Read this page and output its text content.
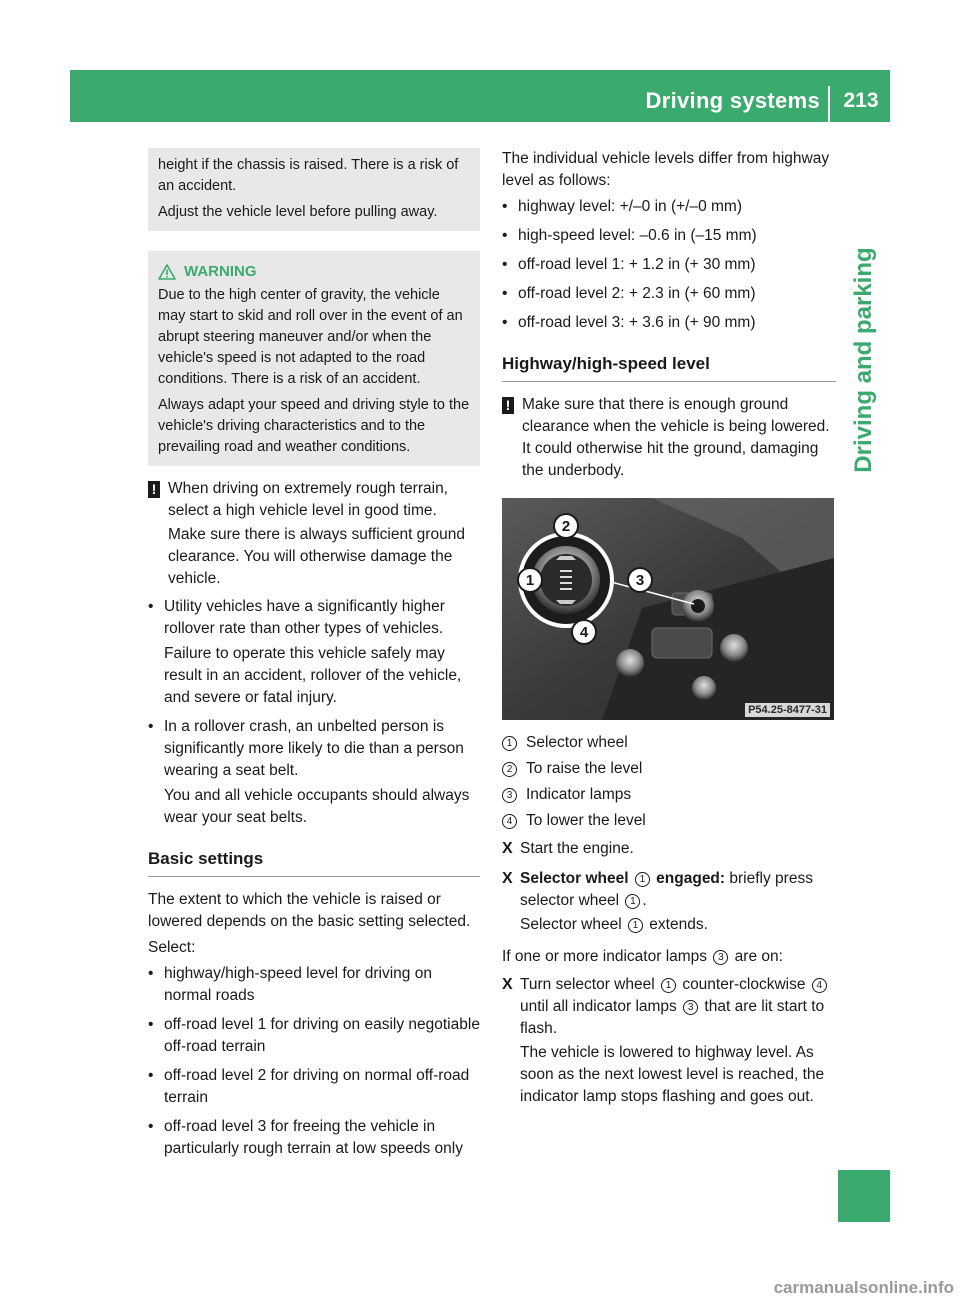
Driving systems	213
Driving and parking

height if the chassis is raised. There is a risk of an accident.

Adjust the vehicle level before pulling away.

WARNING

Due to the high center of gravity, the vehicle may start to skid and roll over in the event of an abrupt steering maneuver and/or when the vehicle's speed is not adapted to the road conditions. There is a risk of an accident.

Always adapt your speed and driving style to the vehicle's driving characteristics and to the prevailing road and weather conditions.

! When driving on extremely rough terrain, select a high vehicle level in good time.

Make sure there is always sufficient ground clearance. You will otherwise damage the vehicle.

• Utility vehicles have a significantly higher rollover rate than other types of vehicles.

Failure to operate this vehicle safely may result in an accident, rollover of the vehicle, and severe or fatal injury.

• In a rollover crash, an unbelted person is significantly more likely to die than a person wearing a seat belt.

You and all vehicle occupants should always wear your seat belts.

Basic settings

The extent to which the vehicle is raised or lowered depends on the basic setting selected.

Select:

• highway/high-speed level for driving on normal roads

• off-road level 1 for driving on easily negotiable off-road terrain

• off-road level 2 for driving on normal off-road terrain

• off-road level 3 for freeing the vehicle in particularly rough terrain at low speeds only

The individual vehicle levels differ from highway level as follows:

• highway level: +/–0 in (+/–0 mm)

• high-speed level: –0.6 in (–15 mm)

• off-road level 1: + 1.2 in (+ 30 mm)

• off-road level 2: + 2.3 in (+ 60 mm)

• off-road level 3: + 3.6 in (+ 90 mm)

Highway/high-speed level
! Make sure that there is enough ground clearance when the vehicle is being lowered. It could otherwise hit the ground, damaging the underbody.

2
1	3
4
P54.25-8477-31
1 Selector wheel
2 To raise the level
3 Indicator lamps
4 To lower the level
X Start the engine.

X Selector wheel 1 engaged: briefly press selector wheel 1 .

Selector wheel 1 extends.

If one or more indicator lamps 3 are on:

X Turn selector wheel 1 counter-clockwise 4 until all indicator lamps 3 that are lit start to flash.

The vehicle is lowered to highway level. As soon as the next lowest level is reached, the indicator lamp stops flashing and goes out.

carmanualsonline.info
